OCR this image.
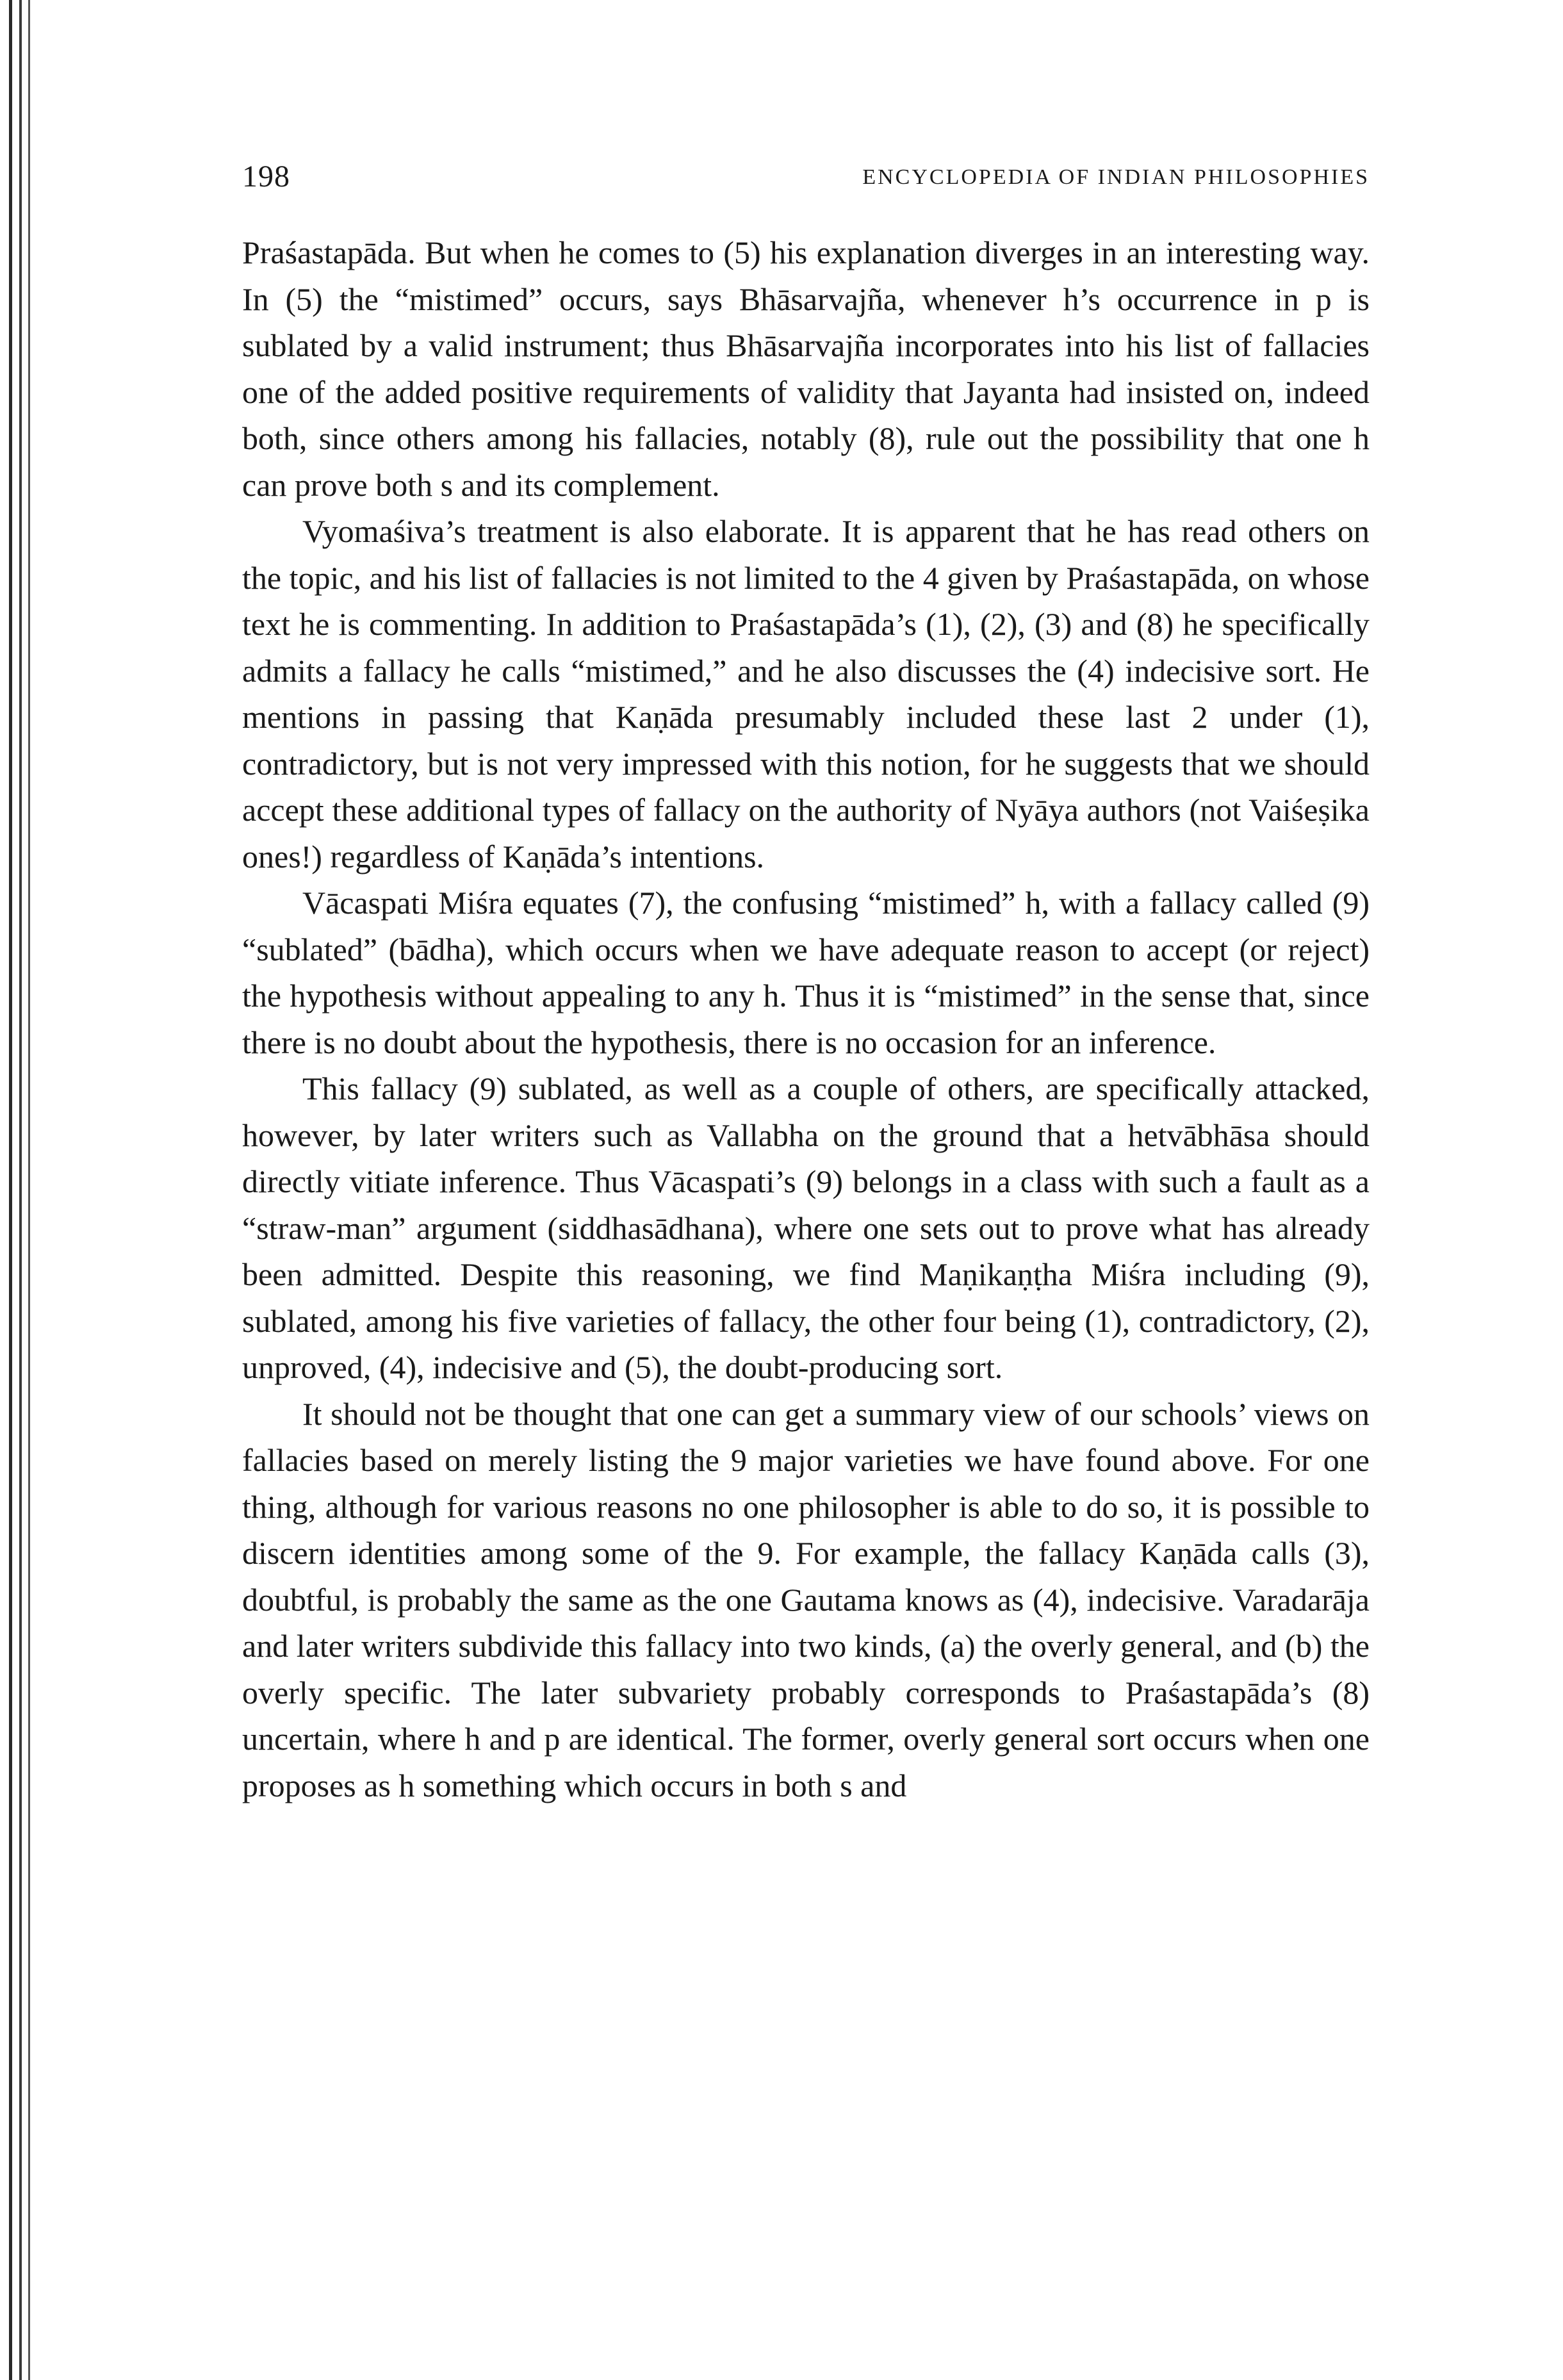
198	ENCYCLOPEDIA OF INDIAN PHILOSOPHIES

Praśastapāda. But when he comes to (5) his explanation diverges in an interesting way. In (5) the “mistimed” occurs, says Bhāsarvajña, whenever h’s occurrence in p is sublated by a valid instrument; thus Bhāsarvajña incorporates into his list of fallacies one of the added positive requirements of validity that Jayanta had insisted on, indeed both, since others among his fallacies, notably (8), rule out the possibility that one h can prove both s and its complement.

Vyomaśiva’s treatment is also elaborate. It is apparent that he has read others on the topic, and his list of fallacies is not limited to the 4 given by Praśastapāda, on whose text he is commenting. In addition to Praśastapāda’s (1), (2), (3) and (8) he specifically admits a fallacy he calls “mistimed,” and he also discusses the (4) indecisive sort. He mentions in passing that Kaṇāda presumably included these last 2 under (1), contradictory, but is not very impressed with this notion, for he suggests that we should accept these additional types of fallacy on the authority of Nyāya authors (not Vaiśeṣika ones!) regardless of Kaṇāda’s intentions.

Vācaspati Miśra equates (7), the confusing “mistimed” h, with a fallacy called (9) “sublated” (bādha), which occurs when we have adequate reason to accept (or reject) the hypothesis without appealing to any h. Thus it is “mistimed” in the sense that, since there is no doubt about the hypothesis, there is no occasion for an inference.

This fallacy (9) sublated, as well as a couple of others, are specifically attacked, however, by later writers such as Vallabha on the ground that a hetvābhāsa should directly vitiate inference. Thus Vācaspati’s (9) belongs in a class with such a fault as a “straw-man” argument (siddhasādhana), where one sets out to prove what has already been admitted. Despite this reasoning, we find Maṇikaṇṭha Miśra including (9), sublated, among his five varieties of fallacy, the other four being (1), contradictory, (2), unproved, (4), indecisive and (5), the doubt-producing sort.

It should not be thought that one can get a summary view of our schools’ views on fallacies based on merely listing the 9 major varieties we have found above. For one thing, although for various reasons no one philosopher is able to do so, it is possible to discern identities among some of the 9. For example, the fallacy Kaṇāda calls (3), doubtful, is probably the same as the one Gautama knows as (4), indecisive. Varadarāja and later writers subdivide this fallacy into two kinds, (a) the overly general, and (b) the overly specific. The later subvariety probably corresponds to Praśastapāda’s (8) uncertain, where h and p are identical. The former, overly general sort occurs when one proposes as h something which occurs in both s and
